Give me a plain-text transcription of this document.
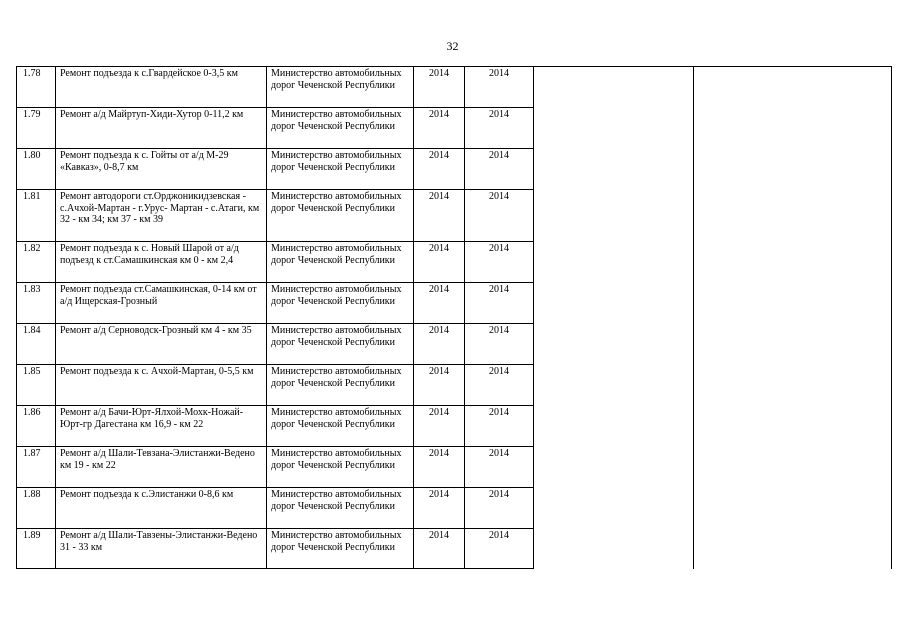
32
1.78	Ремонт подъезда к с.Гвардейское 0-3,5 км	Министерство автомобильных дорог Чеченской Республики	2014	2014		
1.79	Ремонт а/д Майртуп-Хиди-Хутор 0-11,2 км	Министерство автомобильных дорог Чеченской Республики	2014	2014		
1.80	Ремонт подъезда к с. Гойты от а/д М-29 «Кавказ», 0-8,7 км	Министерство автомобильных дорог Чеченской Республики	2014	2014		
1.81	Ремонт автодороги ст.Орджоникидзевская - с.Ачхой-Мартан - г.Урус- Мартан - с.Атаги, км 32 - км 34; км 37 - км 39	Министерство автомобильных дорог Чеченской Республики	2014	2014		
1.82	Ремонт подъезда к с. Новый Шарой от а/д подъезд к ст.Самашкинская км 0 - км 2,4	Министерство автомобильных дорог Чеченской Республики	2014	2014		
1.83	Ремонт подъезда ст.Самашкинская, 0-14 км от а/д Ищерская-Грозный	Министерство автомобильных дорог Чеченской Республики	2014	2014		
1.84	Ремонт а/д Серноводск-Грозный км 4 - км 35	Министерство автомобильных дорог Чеченской Республики	2014	2014		
1.85	Ремонт подъезда к с. Ачхой-Мартан, 0-5,5 км	Министерство автомобильных дорог Чеченской Республики	2014	2014		
1.86	Ремонт а/д Бачи-Юрт-Ялхой-Мохк-Ножай-Юрт-гр Дагестана км 16,9 - км 22	Министерство автомобильных дорог Чеченской Республики	2014	2014		
1.87	Ремонт а/д Шали-Тевзана-Элистанжи-Ведено км 19 - км 22	Министерство автомобильных дорог Чеченской Республики	2014	2014		
1.88	Ремонт подъезда к с.Элистанжи 0-8,6 км	Министерство автомобильных дорог Чеченской Республики	2014	2014		
1.89	Ремонт а/д Шали-Тавзены-Элистанжи-Ведено 31 - 33 км	Министерство автомобильных дорог Чеченской Республики	2014	2014		
